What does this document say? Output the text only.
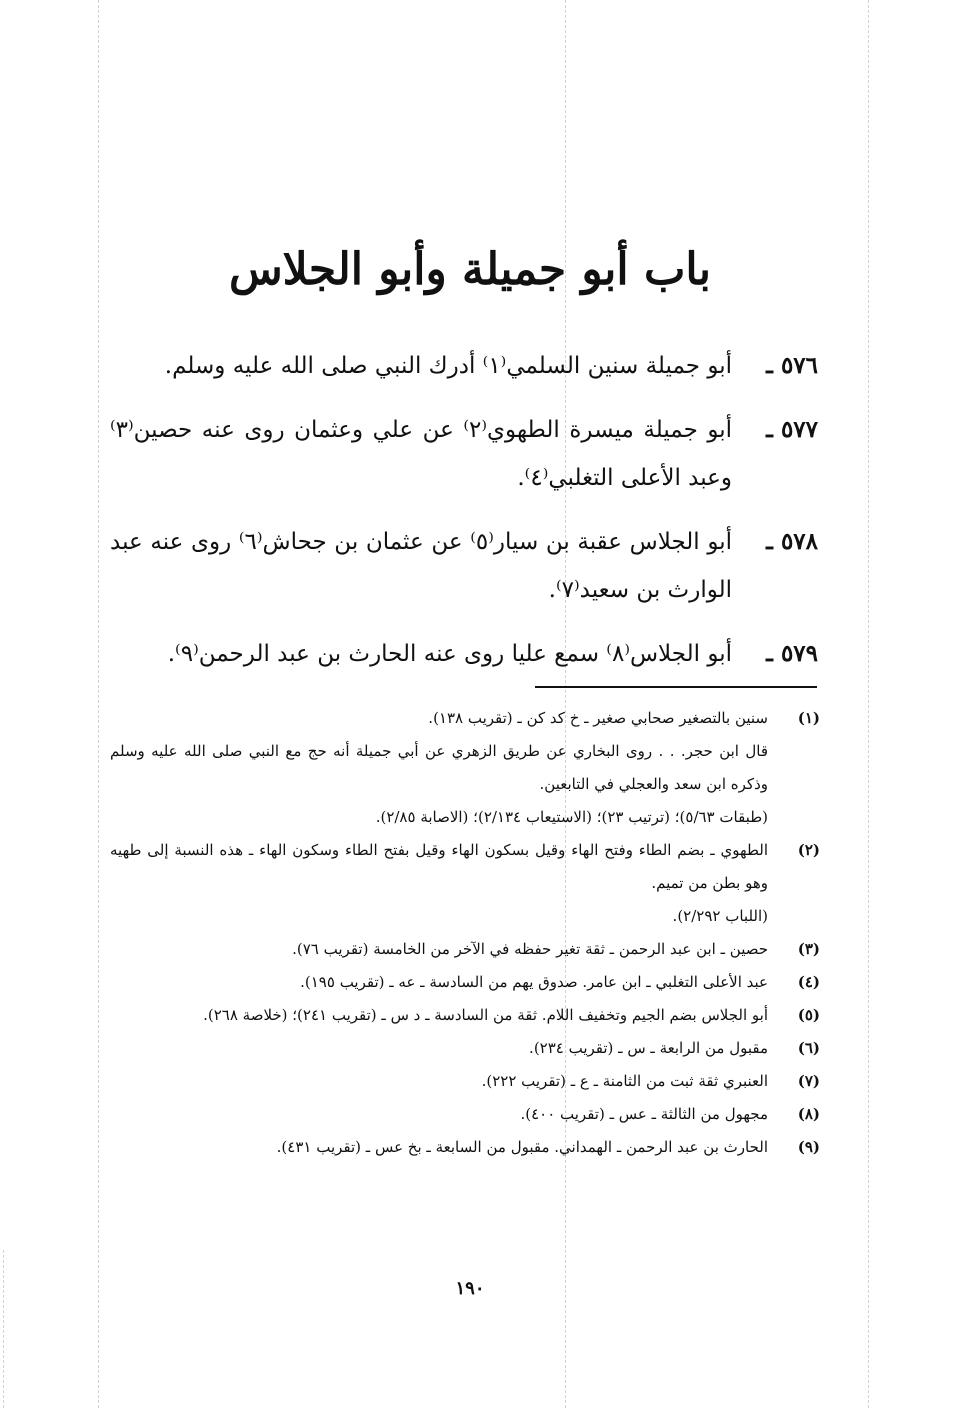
باب أبو جميلة وأبو الجلاس
٥٧٦ ـ
أبو جميلة سنين السلمي⁽١⁾ أدرك النبي صلى الله عليه وسلم.
٥٧٧ ـ
أبو جميلة ميسرة الطهوي⁽٢⁾ عن علي وعثمان روى عنه حصين⁽٣⁾ وعبد الأعلى التغلبي⁽٤⁾.
٥٧٨ ـ
أبو الجلاس عقبة بن سيار⁽٥⁾ عن عثمان بن جحاش⁽٦⁾ روى عنه عبد الوارث بن سعيد⁽٧⁾.
٥٧٩ ـ
أبو الجلاس⁽٨⁾ سمع عليا روى عنه الحارث بن عبد الرحمن⁽٩⁾.
(١)
سنين بالتصغير صحابي صغير ـ خ كد كن ـ (تقريب ١٣٨).
قال ابن حجر. . . روى البخاري عن طريق الزهري عن أبي جميلة أنه حج مع النبي صلى الله عليه وسلم وذكره ابن سعد والعجلي في التابعين.
(طبقات ٥/٦٣)؛ (ترتيب ٢٣)؛ (الاستيعاب ٢/١٣٤)؛ (الاصابة ٢/٨٥).
(٢)
الطهوي ـ بضم الطاء وفتح الهاء وقيل بسكون الهاء وقيل بفتح الطاء وسكون الهاء ـ هذه النسبة إلى طهيه وهو بطن من تميم.
(اللباب ٢/٢٩٢).
(٣)
حصين ـ ابن عبد الرحمن ـ ثقة تغير حفظه في الآخر من الخامسة (تقريب ٧٦).
(٤)
عبد الأعلى التغلبي ـ ابن عامر. صدوق يهم من السادسة ـ عه ـ (تقريب ١٩٥).
(٥)
أبو الجلاس بضم الجيم وتخفيف اللام. ثقة من السادسة ـ د س ـ (تقريب ٢٤١)؛ (خلاصة ٢٦٨).
(٦)
مقبول من الرابعة ـ س ـ (تقريب ٢٣٤).
(٧)
العنبري ثقة ثبت من الثامنة ـ ع ـ (تقريب ٢٢٢).
(٨)
مجهول من الثالثة ـ عس ـ (تقريب ٤٠٠).
(٩)
الحارث بن عبد الرحمن ـ الهمداني. مقبول من السابعة ـ بخ عس ـ (تقريب ٤٣١).
١٩٠
